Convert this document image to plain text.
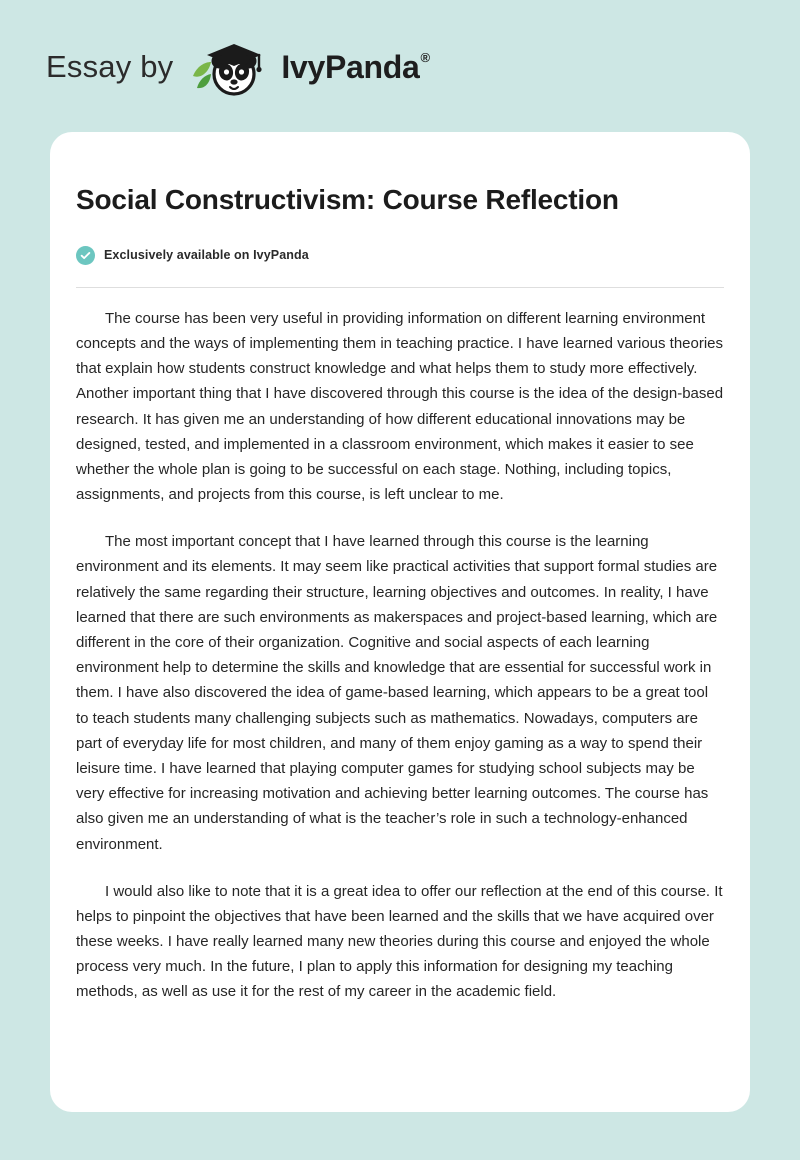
Essay by	IvyPanda®
Social Constructivism: Course Reflection
Exclusively available on IvyPanda

The course has been very useful in providing information on different learning environment concepts and the ways of implementing them in teaching practice. I have learned various theories that explain how students construct knowledge and what helps them to study more effectively. Another important thing that I have discovered through this course is the idea of the design-based research. It has given me an understanding of how different educational innovations may be designed, tested, and implemented in a classroom environment, which makes it easier to see whether the whole plan is going to be successful on each stage. Nothing, including topics, assignments, and projects from this course, is left unclear to me.

The most important concept that I have learned through this course is the learning environment and its elements. It may seem like practical activities that support formal studies are relatively the same regarding their structure, learning objectives and outcomes. In reality, I have learned that there are such environments as makerspaces and project-based learning, which are different in the core of their organization. Cognitive and social aspects of each learning environment help to determine the skills and knowledge that are essential for successful work in them. I have also discovered the idea of game-based learning, which appears to be a great tool to teach students many challenging subjects such as mathematics. Nowadays, computers are part of everyday life for most children, and many of them enjoy gaming as a way to spend their leisure time. I have learned that playing computer games for studying school subjects may be very effective for increasing motivation and achieving better learning outcomes. The course has also given me an understanding of what is the teacher’s role in such a technology-enhanced environment.

I would also like to note that it is a great idea to offer our reflection at the end of this course. It helps to pinpoint the objectives that have been learned and the skills that we have acquired over these weeks. I have really learned many new theories during this course and enjoyed the whole process very much. In the future, I plan to apply this information for designing my teaching methods, as well as use it for the rest of my career in the academic field.
